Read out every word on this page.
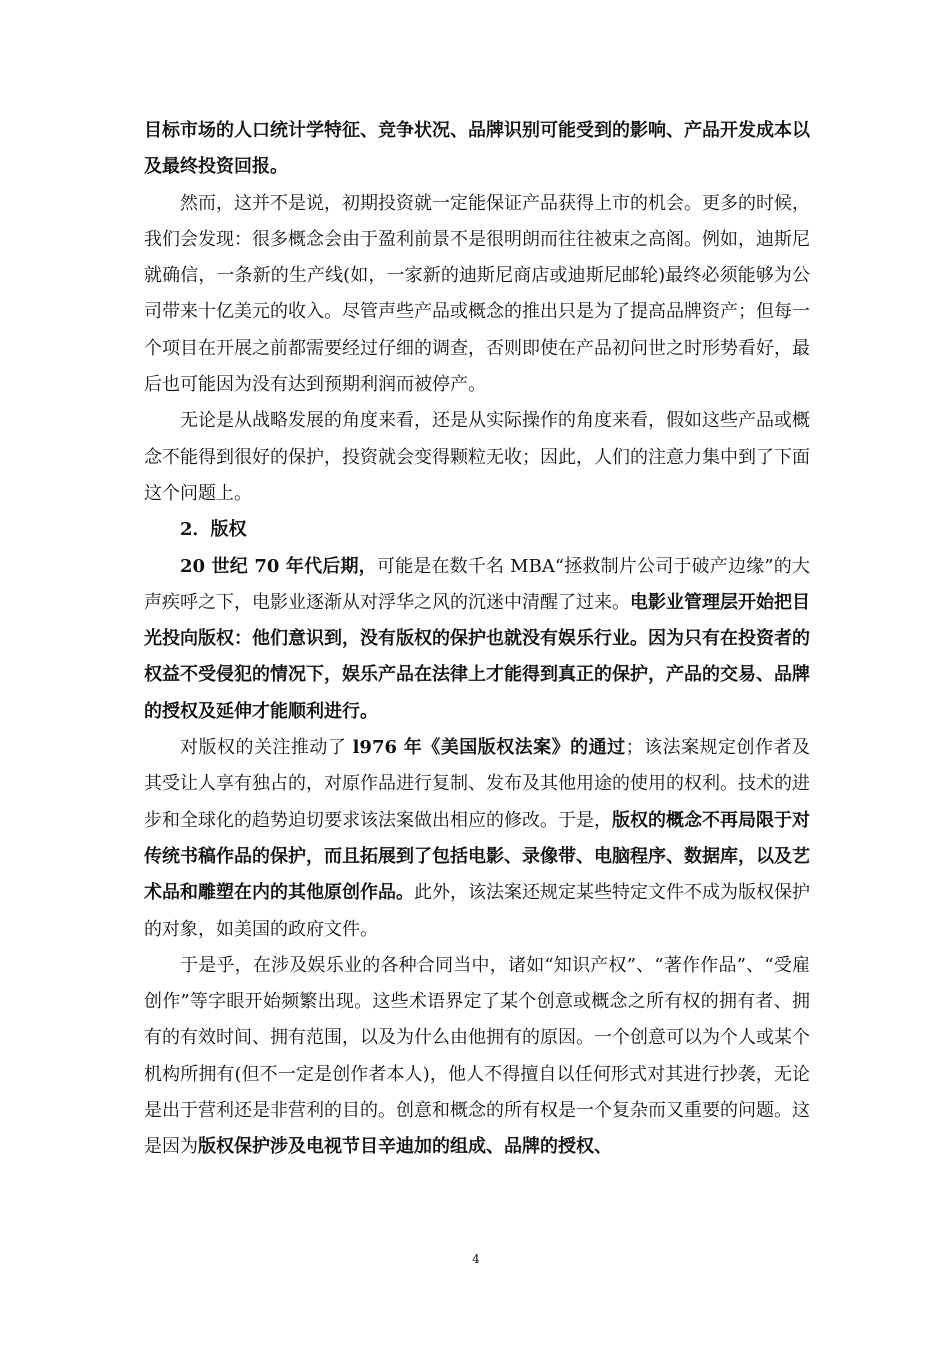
目标市场的人口统计学特征、竞争状况、品牌识别可能受到的影响、产品开发成本以及最终投资回报。

然而，这并不是说，初期投资就一定能保证产品获得上市的机会。更多的时候，我们会发现：很多概念会由于盈利前景不是很明朗而往往被束之高阁。例如，迪斯尼就确信，一条新的生产线(如，一家新的迪斯尼商店或迪斯尼邮轮)最终必须能够为公司带来十亿美元的收入。尽管声些产品或概念的推出只是为了提高品牌资产；但每一个项目在开展之前都需要经过仔细的调查，否则即使在产品初问世之时形势看好，最后也可能因为没有达到预期利润而被停产。

无论是从战略发展的角度来看，还是从实际操作的角度来看，假如这些产品或概念不能得到很好的保护，投资就会变得颗粒无收；因此，人们的注意力集中到了下面这个问题上。

2．版权

20 世纪 70 年代后期，可能是在数千名 MBA“拯救制片公司于破产边缘”的大声疾呼之下，电影业逐渐从对浮华之风的沉迷中清醒了过来。电影业管理层开始把目光投向版权：他们意识到，没有版权的保护也就没有娱乐行业。因为只有在投资者的权益不受侵犯的情况下，娱乐产品在法律上才能得到真正的保护，产品的交易、品牌的授权及延伸才能顺利进行。

对版权的关注推动了 l976 年《美国版权法案》的通过；该法案规定创作者及其受让人享有独占的，对原作品进行复制、发布及其他用途的使用的权利。技术的进步和全球化的趋势迫切要求该法案做出相应的修改。于是，版权的概念不再局限于对传统书稿作品的保护，而且拓展到了包括电影、录像带、电脑程序、数据库，以及艺术品和雕塑在内的其他原创作品。此外，该法案还规定某些特定文件不成为版权保护的对象，如美国的政府文件。

于是乎，在涉及娱乐业的各种合同当中，诸如“知识产权”、“著作作品”、“受雇创作”等字眼开始频繁出现。这些术语界定了某个创意或概念之所有权的拥有者、拥有的有效时间、拥有范围，以及为什么由他拥有的原因。一个创意可以为个人或某个机构所拥有(但不一定是创作者本人)，他人不得擅自以任何形式对其进行抄袭，无论是出于营利还是非营利的目的。创意和概念的所有权是一个复杂而又重要的问题。这是因为版权保护涉及电视节目辛迪加的组成、品牌的授权、

4
